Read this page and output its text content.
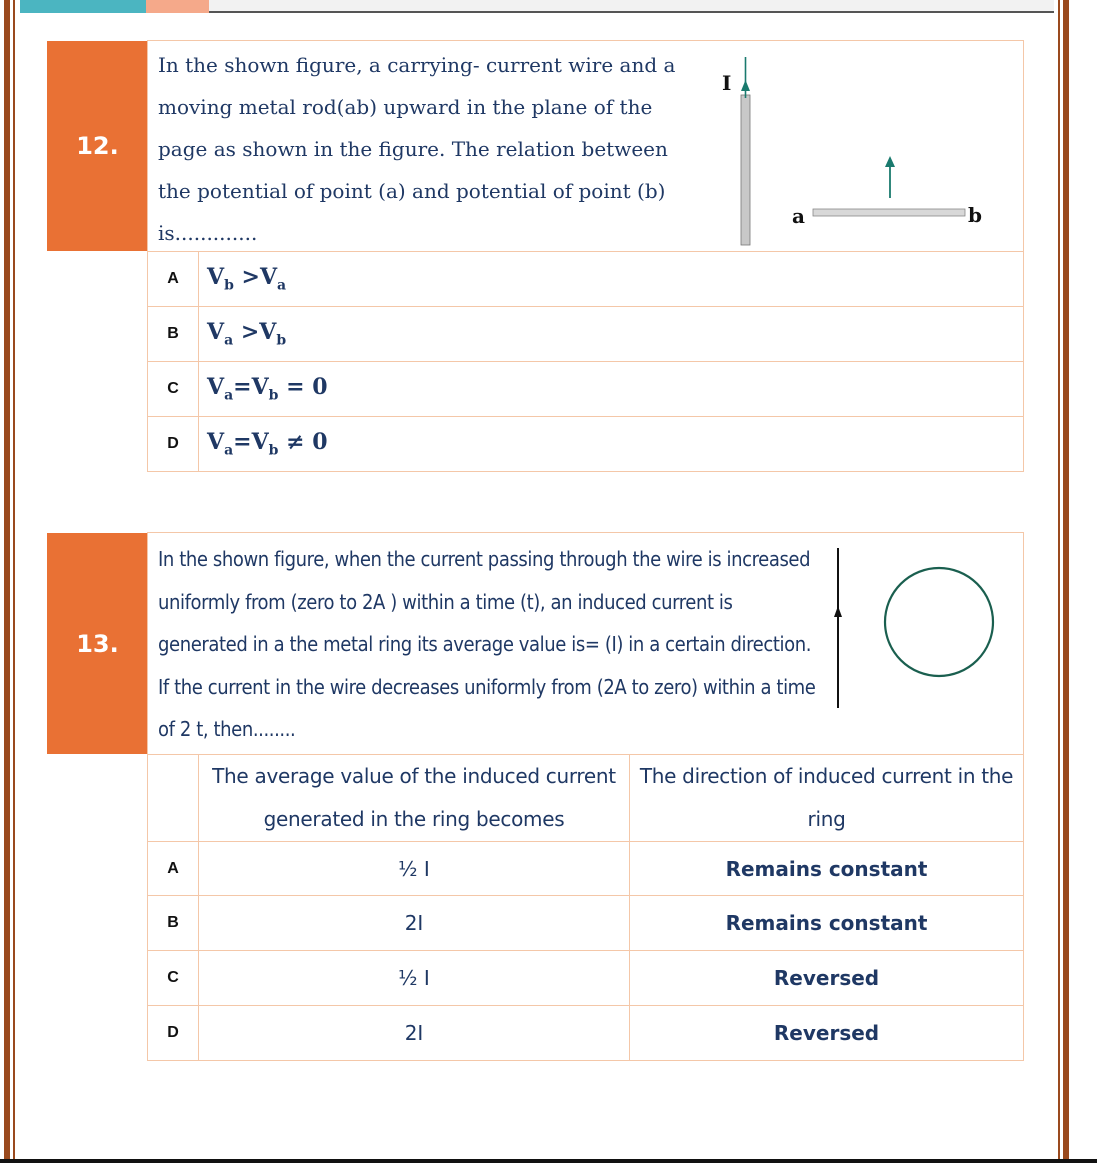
12.
In the shown figure, a carrying- current wire and a moving metal rod(ab) upward in the plane of the page as shown in the figure. The relation between the potential of point (a) and potential of point (b) is.............
I
a	b
A	$V_b >V_a$
B	$V_a >V_b$
C	$V_a=V_b = 0$
D	$V_a=V_b \ne 0$
13.
In the shown figure, when the current passing through the wire is increased uniformly from (zero to 2A ) within a time (t), an induced current is generated in a the metal ring its average value is= (I) in a certain direction. If the current in the wire decreases uniformly from (2A to zero) within a time of 2 t, then........
	The average value of the induced current generated in the ring becomes	The direction of induced current in the ring
A	½ I	Remains constant
B	2I	Remains constant
C	½ I	Reversed
D	2I	Reversed
